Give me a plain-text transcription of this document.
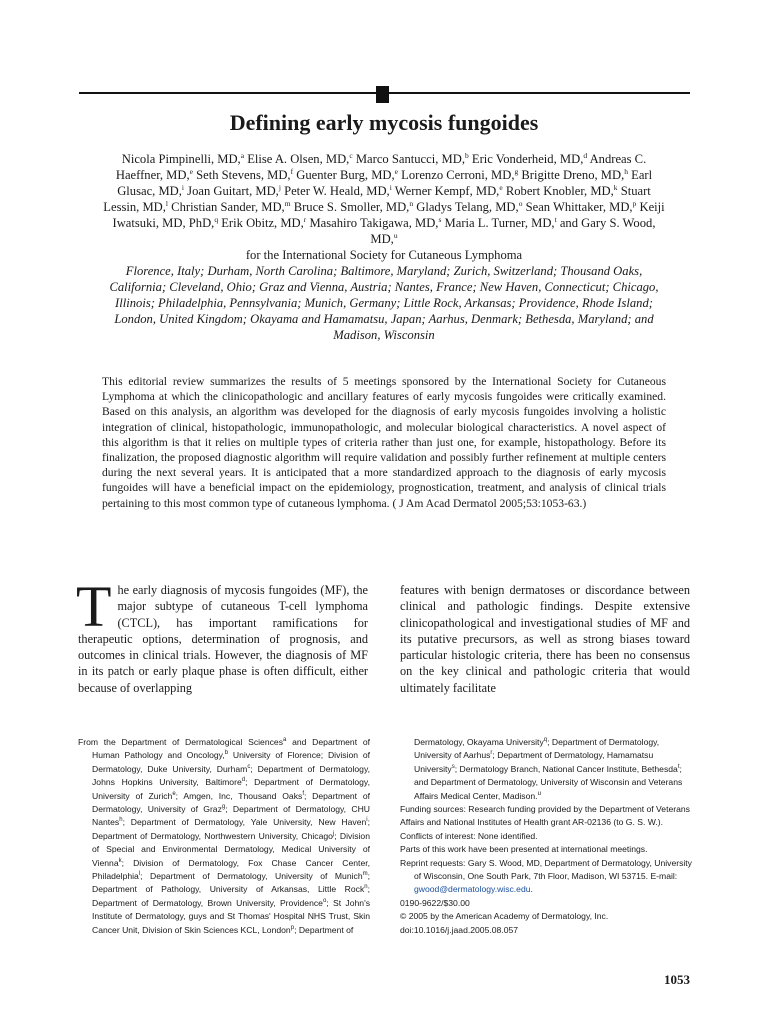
Defining early mycosis fungoides

Nicola Pimpinelli, MD,$^a$ Elise A. Olsen, MD,$^c$ Marco Santucci, MD,$^b$ Eric Vonderheid, MD,$^d$ Andreas C. Haeffner, MD,$^e$ Seth Stevens, MD,$^f$ Guenter Burg, MD,$^e$ Lorenzo Cerroni, MD,$^g$ Brigitte Dreno, MD,$^h$ Earl Glusac, MD,$^i$ Joan Guitart, MD,$^j$ Peter W. Heald, MD,$^i$ Werner Kempf, MD,$^e$ Robert Knobler, MD,$^k$ Stuart Lessin, MD,$^l$ Christian Sander, MD,$^m$ Bruce S. Smoller, MD,$^n$ Gladys Telang, MD,$^o$ Sean Whittaker, MD,$^p$ Keiji Iwatsuki, MD, PhD,$^q$ Erik Obitz, MD,$^r$ Masahiro Takigawa, MD,$^s$ Maria L. Turner, MD,$^t$ and Gary S. Wood, MD,$^u$
for the International Society for Cutaneous Lymphoma

Florence, Italy; Durham, North Carolina; Baltimore, Maryland; Zurich, Switzerland; Thousand Oaks, California; Cleveland, Ohio; Graz and Vienna, Austria; Nantes, France; New Haven, Connecticut; Chicago, Illinois; Philadelphia, Pennsylvania; Munich, Germany; Little Rock, Arkansas; Providence, Rhode Island; London, United Kingdom; Okayama and Hamamatsu, Japan; Aarhus, Denmark; Bethesda, Maryland; and Madison, Wisconsin

This editorial review summarizes the results of 5 meetings sponsored by the International Society for Cutaneous Lymphoma at which the clinicopathologic and ancillary features of early mycosis fungoides were critically examined. Based on this analysis, an algorithm was developed for the diagnosis of early mycosis fungoides involving a holistic integration of clinical, histopathologic, immunopathologic, and molecular biological characteristics. A novel aspect of this algorithm is that it relies on multiple types of criteria rather than just one, for example, histopathology. Before its finalization, the proposed diagnostic algorithm will require validation and possibly further refinement at multiple centers during the next several years. It is anticipated that a more standardized approach to the diagnosis of early mycosis fungoides will have a beneficial impact on the epidemiology, prognostication, treatment, and analysis of clinical trials pertaining to this most common type of cutaneous lymphoma. ( J Am Acad Dermatol 2005;53:1053-63.)

The early diagnosis of mycosis fungoides (MF), the major subtype of cutaneous T-cell lymphoma (CTCL), has important ramifications for therapeutic options, determination of prognosis, and outcomes in clinical trials. However, the diagnosis of MF in its patch or early plaque phase is often difficult, either because of overlapping

features with benign dermatoses or discordance between clinical and pathologic findings. Despite extensive clinicopathological and investigational studies of MF and its putative precursors, as well as strong biases toward particular histologic criteria, there has been no consensus on the key clinical and pathologic criteria that would ultimately facilitate

From the Department of Dermatological Sciences$^a$ and Department of Human Pathology and Oncology,$^b$ University of Florence; Division of Dermatology, Duke University, Durham$^c$; Department of Dermatology, Johns Hopkins University, Baltimore$^d$; Department of Dermatology, University of Zurich$^e$; Amgen, Inc, Thousand Oaks$^f$; Department of Dermatology, University of Graz$^g$; Department of Dermatology, CHU Nantes$^h$; Department of Dermatology, Yale University, New Haven$^i$; Department of Dermatology, Northwestern University, Chicago$^j$; Division of Special and Environmental Dermatology, Medical University of Vienna$^k$; Division of Dermatology, Fox Chase Cancer Center, Philadelphia$^l$; Department of Dermatology, University of Munich$^m$; Department of Pathology, University of Arkansas, Little Rock$^n$; Department of Dermatology, Brown University, Providence$^o$; St John's Institute of Dermatology, guys and St Thomas' Hospital NHS Trust, Skin Cancer Unit, Division of Skin Sciences KCL, London$^p$; Department of

Dermatology, Okayama University$^q$; Department of Dermatology, University of Aarhus$^r$; Department of Dermatology, Hamamatsu University$^s$; Dermatology Branch, National Cancer Institute, Bethesda$^t$; and Department of Dermatology, University of Wisconsin and Veterans Affairs Medical Center, Madison.$^u$

Funding sources: Research funding provided by the Department of Veterans Affairs and National Institutes of Health grant AR-02136 (to G. S. W.).

Conflicts of interest: None identified.

Parts of this work have been presented at international meetings.

Reprint requests: Gary S. Wood, MD, Department of Dermatology, University of Wisconsin, One South Park, 7th Floor, Madison, WI 53715. E-mail: gwood@dermatology.wisc.edu.

0190-9622/$30.00

© 2005 by the American Academy of Dermatology, Inc.

doi:10.1016/j.jaad.2005.08.057

1053
